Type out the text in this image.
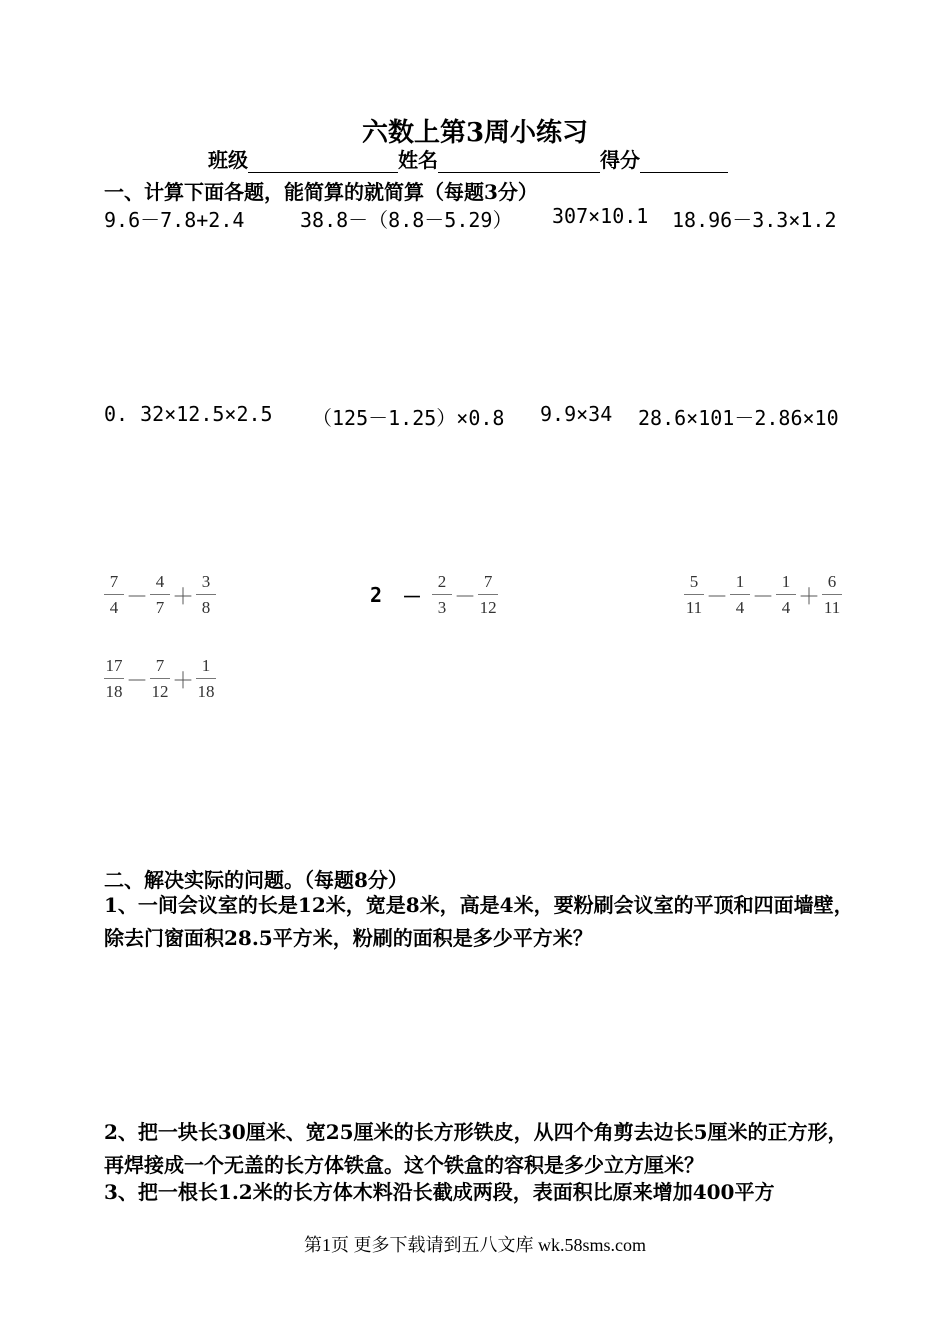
六数上第3周小练习
班级	姓名	得分
一、计算下面各题，能简算的就简算（每题3分）
9.6－7.8+2.4	38.8－（8.8－5.29） 307×10.1 18.96－3.3×1.2
0. 32×12.5×2.5 （125－1.25）×0.8 9.9×34 28.6×101－2.86×10
$\frac{7}{4} - \frac{4}{7} + \frac{3}{8}$	$2 - \frac{2}{3} - \frac{7}{12}$	$\frac{5}{11} - \frac{1}{4} - \frac{1}{4} + \frac{6}{11}$
$\frac{17}{18} - \frac{7}{12} + \frac{1}{18}$
二、解决实际的问题。（每题8分）
1、一间会议室的长是12米，宽是8米，高是4米，要粉刷会议室的平顶和四面墙壁，除去门窗面积28.5平方米，粉刷的面积是多少平方米？
2、把一块长30厘米、宽25厘米的长方形铁皮，从四个角剪去边长5厘米的正方形，再焊接成一个无盖的长方体铁盒。这个铁盒的容积是多少立方厘米？
3、把一根长1.2米的长方体木料沿长截成两段，表面积比原来增加400平方
第1页 更多下载请到五八文库 wk.58sms.com
